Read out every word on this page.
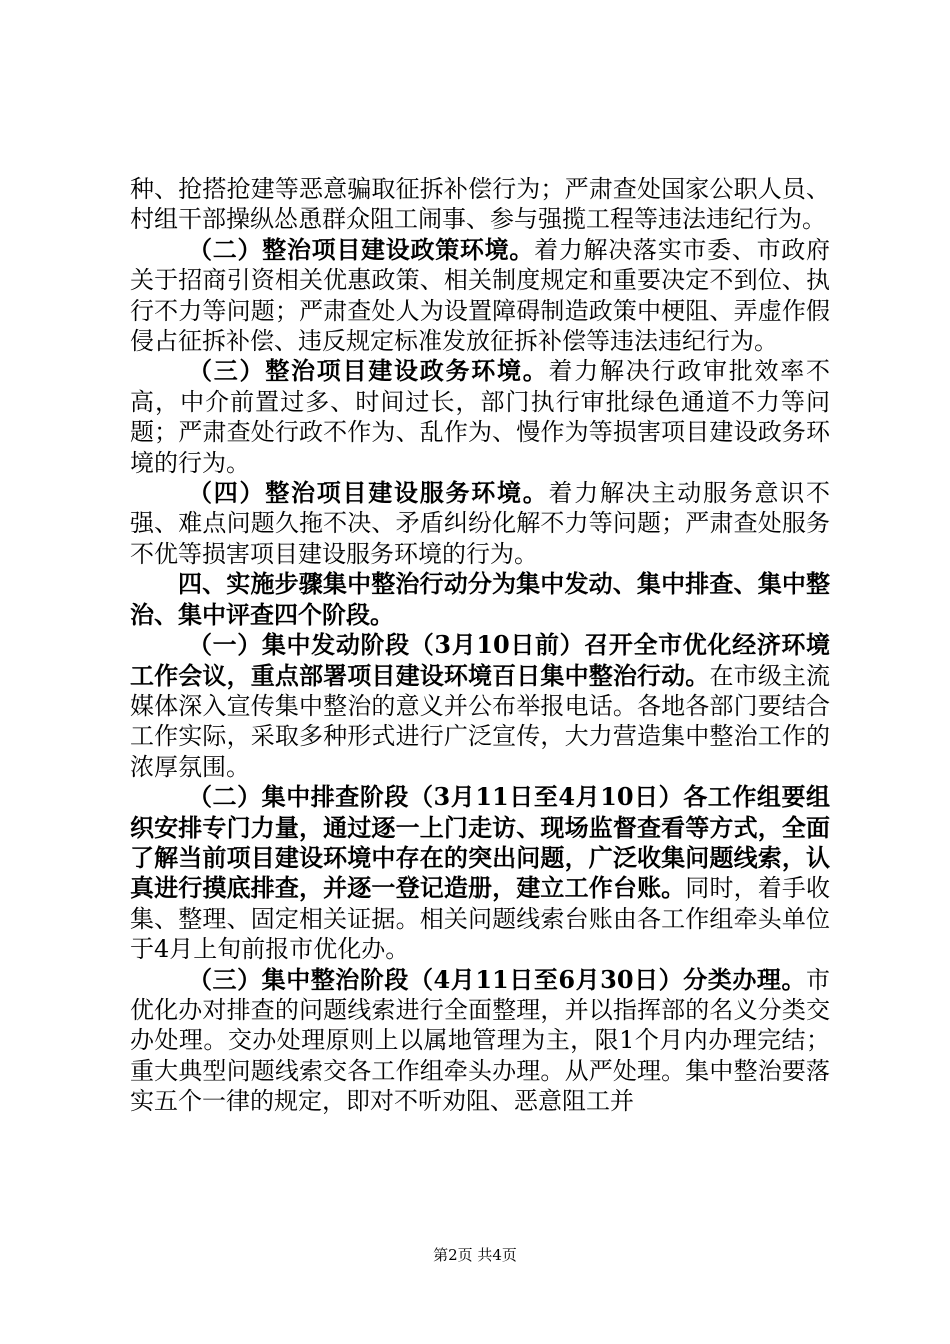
种、抢搭抢建等恶意骗取征拆补偿行为；严肃查处国家公职人员、村组干部操纵怂恿群众阻工闹事、参与强揽工程等违法违纪行为。

（二）整治项目建设政策环境。着力解决落实市委、市政府关于招商引资相关优惠政策、相关制度规定和重要决定不到位、执行不力等问题；严肃查处人为设置障碍制造政策中梗阻、弄虚作假侵占征拆补偿、违反规定标准发放征拆补偿等违法违纪行为。

（三）整治项目建设政务环境。着力解决行政审批效率不高，中介前置过多、时间过长，部门执行审批绿色通道不力等问题；严肃查处行政不作为、乱作为、慢作为等损害项目建设政务环境的行为。

（四）整治项目建设服务环境。着力解决主动服务意识不强、难点问题久拖不决、矛盾纠纷化解不力等问题；严肃查处服务不优等损害项目建设服务环境的行为。

四、实施步骤集中整治行动分为集中发动、集中排查、集中整治、集中评查四个阶段。

（一）集中发动阶段（3月10日前）召开全市优化经济环境工作会议，重点部署项目建设环境百日集中整治行动。在市级主流媒体深入宣传集中整治的意义并公布举报电话。各地各部门要结合工作实际，采取多种形式进行广泛宣传，大力营造集中整治工作的浓厚氛围。

（二）集中排查阶段（3月11日至4月10日）各工作组要组织安排专门力量，通过逐一上门走访、现场监督查看等方式，全面了解当前项目建设环境中存在的突出问题，广泛收集问题线索，认真进行摸底排查，并逐一登记造册，建立工作台账。同时，着手收集、整理、固定相关证据。相关问题线索台账由各工作组牵头单位于4月上旬前报市优化办。

（三）集中整治阶段（4月11日至6月30日）分类办理。市优化办对排查的问题线索进行全面整理，并以指挥部的名义分类交办处理。交办处理原则上以属地管理为主，限1个月内办理完结；重大典型问题线索交各工作组牵头办理。从严处理。集中整治要落实五个一律的规定，即对不听劝阻、恶意阻工并

第2页 共4页
